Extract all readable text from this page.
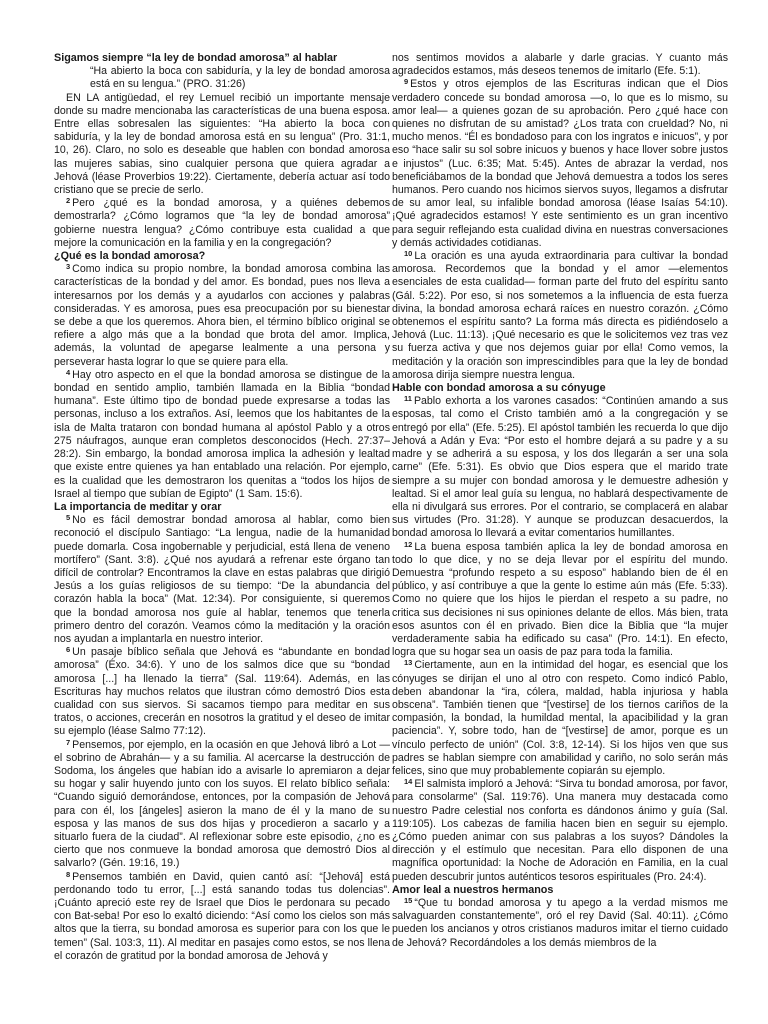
Sigamos siempre “la ley de bondad amorosa” al hablar

“Ha abierto la boca con sabiduría, y la ley de bondad amorosa está en su lengua.” (PRO. 31:26)

EN LA antigüedad, el rey Lemuel recibió un importante mensaje donde su madre mencionaba las características de una buena esposa. Entre ellas sobresalen las siguientes: “Ha abierto la boca con sabiduría, y la ley de bondad amorosa está en su lengua” (Pro. 31:1, 10, 26). Claro, no solo es deseable que hablen con bondad amorosa las mujeres sabias, sino cualquier persona que quiera agradar a Jehová (léase Proverbios 19:22). Ciertamente, debería actuar así todo cristiano que se precie de serlo.

$^2$ Pero ¿qué es la bondad amorosa, y a quiénes debemos demostrarla? ¿Cómo logramos que “la ley de bondad amorosa” gobierne nuestra lengua? ¿Cómo contribuye esta cualidad a que mejore la comunicación en la familia y en la congregación?

¿Qué es la bondad amorosa?

$^3$ Como indica su propio nombre, la bondad amorosa combina las características de la bondad y del amor. Es bondad, pues nos lleva a interesarnos por los demás y a ayudarlos con acciones y palabras consideradas. Y es amorosa, pues esa preocupación por su bienestar se debe a que los queremos. Ahora bien, el término bíblico original se refiere a algo más que a la bondad que brota del amor. Implica, además, la voluntad de apegarse lealmente a una persona y perseverar hasta lograr lo que se quiere para ella.

$^4$ Hay otro aspecto en el que la bondad amorosa se distingue de la bondad en sentido amplio, también llamada en la Biblia “bondad humana”. Este último tipo de bondad puede expresarse a todas las personas, incluso a los extraños. Así, leemos que los habitantes de la isla de Malta trataron con bondad humana al apóstol Pablo y a otros 275 náufragos, aunque eran completos desconocidos (Hech. 27:37–28:2). Sin embargo, la bondad amorosa implica la adhesión y lealtad que existe entre quienes ya han entablado una relación. Por ejemplo, es la cualidad que les demostraron los quenitas a “todos los hijos de Israel al tiempo que subían de Egipto” (1 Sam. 15:6).

La importancia de meditar y orar

$^5$ No es fácil demostrar bondad amorosa al hablar, como bien reconoció el discípulo Santiago: “La lengua, nadie de la humanidad puede domarla. Cosa ingobernable y perjudicial, está llena de veneno mortífero” (Sant. 3:8). ¿Qué nos ayudará a refrenar este órgano tan difícil de controlar? Encontramos la clave en estas palabras que dirigió Jesús a los guías religiosos de su tiempo: “De la abundancia del corazón habla la boca” (Mat. 12:34). Por consiguiente, si queremos que la bondad amorosa nos guíe al hablar, tenemos que tenerla primero dentro del corazón. Veamos cómo la meditación y la oración nos ayudan a implantarla en nuestro interior.

$^6$ Un pasaje bíblico señala que Jehová es “abundante en bondad amorosa” (Éxo. 34:6). Y uno de los salmos dice que su “bondad amorosa [...] ha llenado la tierra” (Sal. 119:64). Además, en las Escrituras hay muchos relatos que ilustran cómo demostró Dios esta cualidad con sus siervos. Si sacamos tiempo para meditar en sus tratos, o acciones, crecerán en nosotros la gratitud y el deseo de imitar su ejemplo (léase Salmo 77:12).

$^7$ Pensemos, por ejemplo, en la ocasión en que Jehová libró a Lot —el sobrino de Abrahán— y a su familia. Al acercarse la destrucción de Sodoma, los ángeles que habían ido a avisarle lo apremiaron a dejar su hogar y salir huyendo junto con los suyos. El relato bíblico señala: “Cuando siguió demorándose, entonces, por la compasión de Jehová para con él, los [ángeles] asieron la mano de él y la mano de su esposa y las manos de sus dos hijas y procedieron a sacarlo y a situarlo fuera de la ciudad”. Al reflexionar sobre este episodio, ¿no es cierto que nos conmueve la bondad amorosa que demostró Dios al salvarlo? (Gén. 19:16, 19.)

$^8$ Pensemos también en David, quien cantó así: “[Jehová] está perdonando todo tu error, [...] está sanando todas tus dolencias”. ¡Cuánto apreció este rey de Israel que Dios le perdonara su pecado con Bat-seba! Por eso lo exaltó diciendo: “Así como los cielos son más altos que la tierra, su bondad amorosa es superior para con los que le temen” (Sal. 103:3, 11). Al meditar en pasajes como estos, se nos llena el corazón de gratitud por la bondad amorosa de Jehová y

nos sentimos movidos a alabarle y darle gracias. Y cuanto más agradecidos estamos, más deseos tenemos de imitarlo (Efe. 5:1).

$^9$ Estos y otros ejemplos de las Escrituras indican que el Dios verdadero concede su bondad amorosa —o, lo que es lo mismo, su amor leal— a quienes gozan de su aprobación. Pero ¿qué hace con quienes no disfrutan de su amistad? ¿Los trata con crueldad? No, ni mucho menos. “Él es bondadoso para con los ingratos e inicuos”, y por eso “hace salir su sol sobre inicuos y buenos y hace llover sobre justos e injustos” (Luc. 6:35; Mat. 5:45). Antes de abrazar la verdad, nos beneficiábamos de la bondad que Jehová demuestra a todos los seres humanos. Pero cuando nos hicimos siervos suyos, llegamos a disfrutar de su amor leal, su infalible bondad amorosa (léase Isaías 54:10). ¡Qué agradecidos estamos! Y este sentimiento es un gran incentivo para seguir reflejando esta cualidad divina en nuestras conversaciones y demás actividades cotidianas.

$^{10}$ La oración es una ayuda extraordinaria para cultivar la bondad amorosa. Recordemos que la bondad y el amor —elementos esenciales de esta cualidad— forman parte del fruto del espíritu santo (Gál. 5:22). Por eso, si nos sometemos a la influencia de esta fuerza divina, la bondad amorosa echará raíces en nuestro corazón. ¿Cómo obtenemos el espíritu santo? La forma más directa es pidiéndoselo a Jehová (Luc. 11:13). ¡Qué necesario es que le solicitemos vez tras vez su fuerza activa y que nos dejemos guiar por ella! Como vemos, la meditación y la oración son imprescindibles para que la ley de bondad amorosa dirija siempre nuestra lengua.

Hable con bondad amorosa a su cónyuge

$^{11}$ Pablo exhorta a los varones casados: “Continúen amando a sus esposas, tal como el Cristo también amó a la congregación y se entregó por ella” (Efe. 5:25). El apóstol también les recuerda lo que dijo Jehová a Adán y Eva: “Por esto el hombre dejará a su padre y a su madre y se adherirá a su esposa, y los dos llegarán a ser una sola carne” (Efe. 5:31). Es obvio que Dios espera que el marido trate siempre a su mujer con bondad amorosa y le demuestre adhesión y lealtad. Si el amor leal guía su lengua, no hablará despectivamente de ella ni divulgará sus errores. Por el contrario, se complacerá en alabar sus virtudes (Pro. 31:28). Y aunque se produzcan desacuerdos, la bondad amorosa lo llevará a evitar comentarios humillantes.

$^{12}$ La buena esposa también aplica la ley de bondad amorosa en todo lo que dice, y no se deja llevar por el espíritu del mundo. Demuestra “profundo respeto a su esposo” hablando bien de él en público, y así contribuye a que la gente lo estime aún más (Efe. 5:33). Como no quiere que los hijos le pierdan el respeto a su padre, no critica sus decisiones ni sus opiniones delante de ellos. Más bien, trata esos asuntos con él en privado. Bien dice la Biblia que “la mujer verdaderamente sabia ha edificado su casa” (Pro. 14:1). En efecto, logra que su hogar sea un oasis de paz para toda la familia.

$^{13}$ Ciertamente, aun en la intimidad del hogar, es esencial que los cónyuges se dirijan el uno al otro con respeto. Como indicó Pablo, deben abandonar la “ira, cólera, maldad, habla injuriosa y habla obscena”. También tienen que “[vestirse] de los tiernos cariños de la compasión, la bondad, la humildad mental, la apacibilidad y la gran paciencia”. Y, sobre todo, han de “[vestirse] de amor, porque es un vínculo perfecto de unión” (Col. 3:8, 12-14). Si los hijos ven que sus padres se hablan siempre con amabilidad y cariño, no solo serán más felices, sino que muy probablemente copiarán su ejemplo.

$^{14}$ El salmista imploró a Jehová: “Sirva tu bondad amorosa, por favor, para consolarme” (Sal. 119:76). Una manera muy destacada como nuestro Padre celestial nos conforta es dándonos ánimo y guía (Sal. 119:105). Los cabezas de familia hacen bien en seguir su ejemplo. ¿Cómo pueden animar con sus palabras a los suyos? Dándoles la dirección y el estímulo que necesitan. Para ello disponen de una magnífica oportunidad: la Noche de Adoración en Familia, en la cual pueden descubrir juntos auténticos tesoros espirituales (Pro. 24:4).

Amor leal a nuestros hermanos

$^{15}$ “Que tu bondad amorosa y tu apego a la verdad mismos me salvaguarden constantemente”, oró el rey David (Sal. 40:11). ¿Cómo pueden los ancianos y otros cristianos maduros imitar el tierno cuidado de Jehová? Recordándoles a los demás miembros de la
